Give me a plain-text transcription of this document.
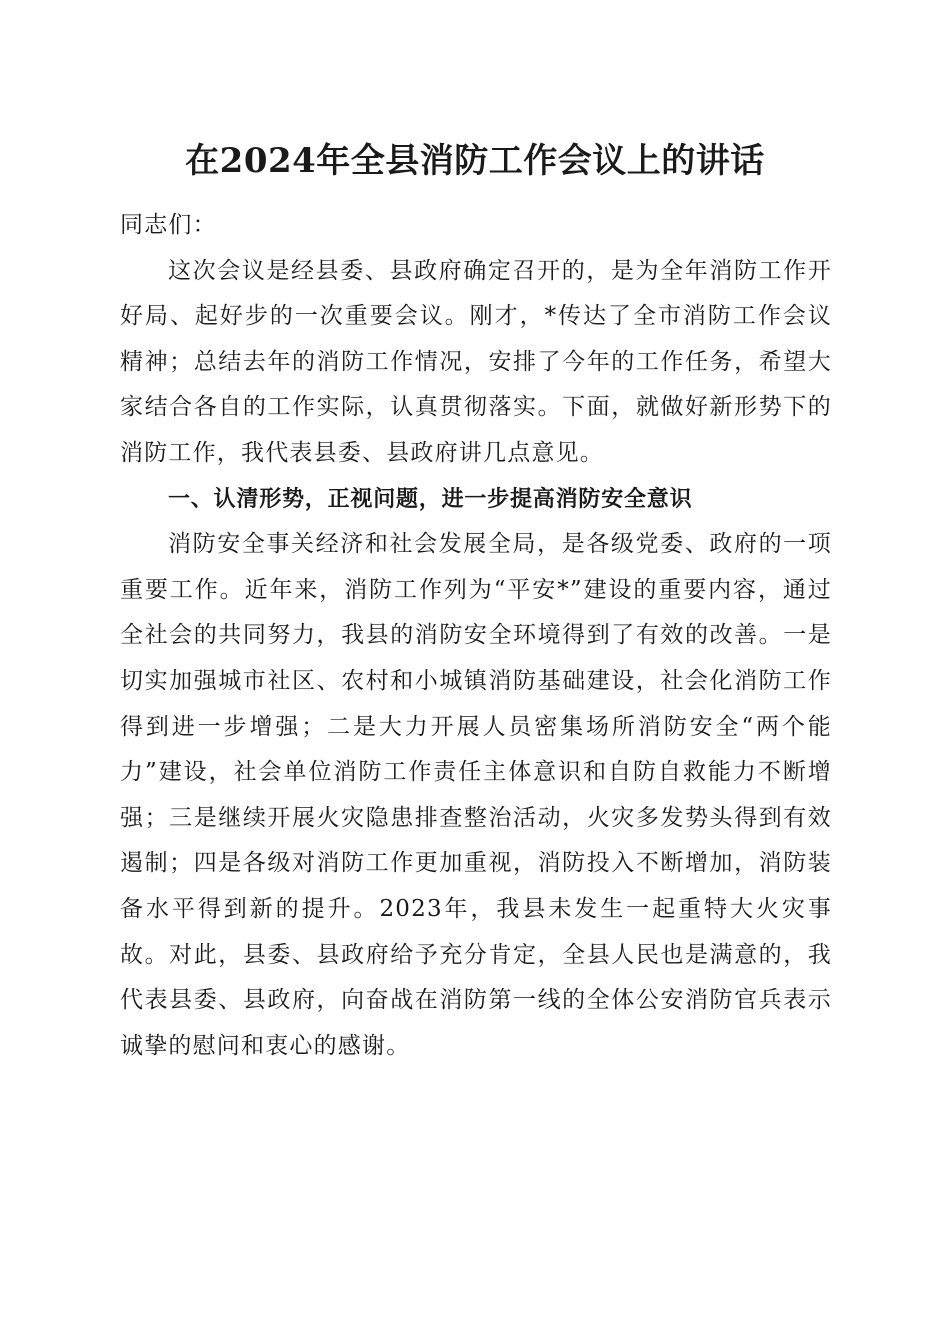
在2024年全县消防工作会议上的讲话

同志们：

这次会议是经县委、县政府确定召开的，是为全年消防工作开好局、起好步的一次重要会议。刚才，*传达了全市消防工作会议精神；总结去年的消防工作情况，安排了今年的工作任务，希望大家结合各自的工作实际，认真贯彻落实。下面，就做好新形势下的消防工作，我代表县委、县政府讲几点意见。

一、认清形势，正视问题，进一步提高消防安全意识

消防安全事关经济和社会发展全局，是各级党委、政府的一项重要工作。近年来，消防工作列为“平安*”建设的重要内容，通过全社会的共同努力，我县的消防安全环境得到了有效的改善。一是切实加强城市社区、农村和小城镇消防基础建设，社会化消防工作得到进一步增强；二是大力开展人员密集场所消防安全“两个能力”建设，社会单位消防工作责任主体意识和自防自救能力不断增强；三是继续开展火灾隐患排查整治活动，火灾多发势头得到有效遏制；四是各级对消防工作更加重视，消防投入不断增加，消防装备水平得到新的提升。2023年，我县未发生一起重特大火灾事故。对此，县委、县政府给予充分肯定，全县人民也是满意的，我代表县委、县政府，向奋战在消防第一线的全体公安消防官兵表示诚挚的慰问和衷心的感谢。
